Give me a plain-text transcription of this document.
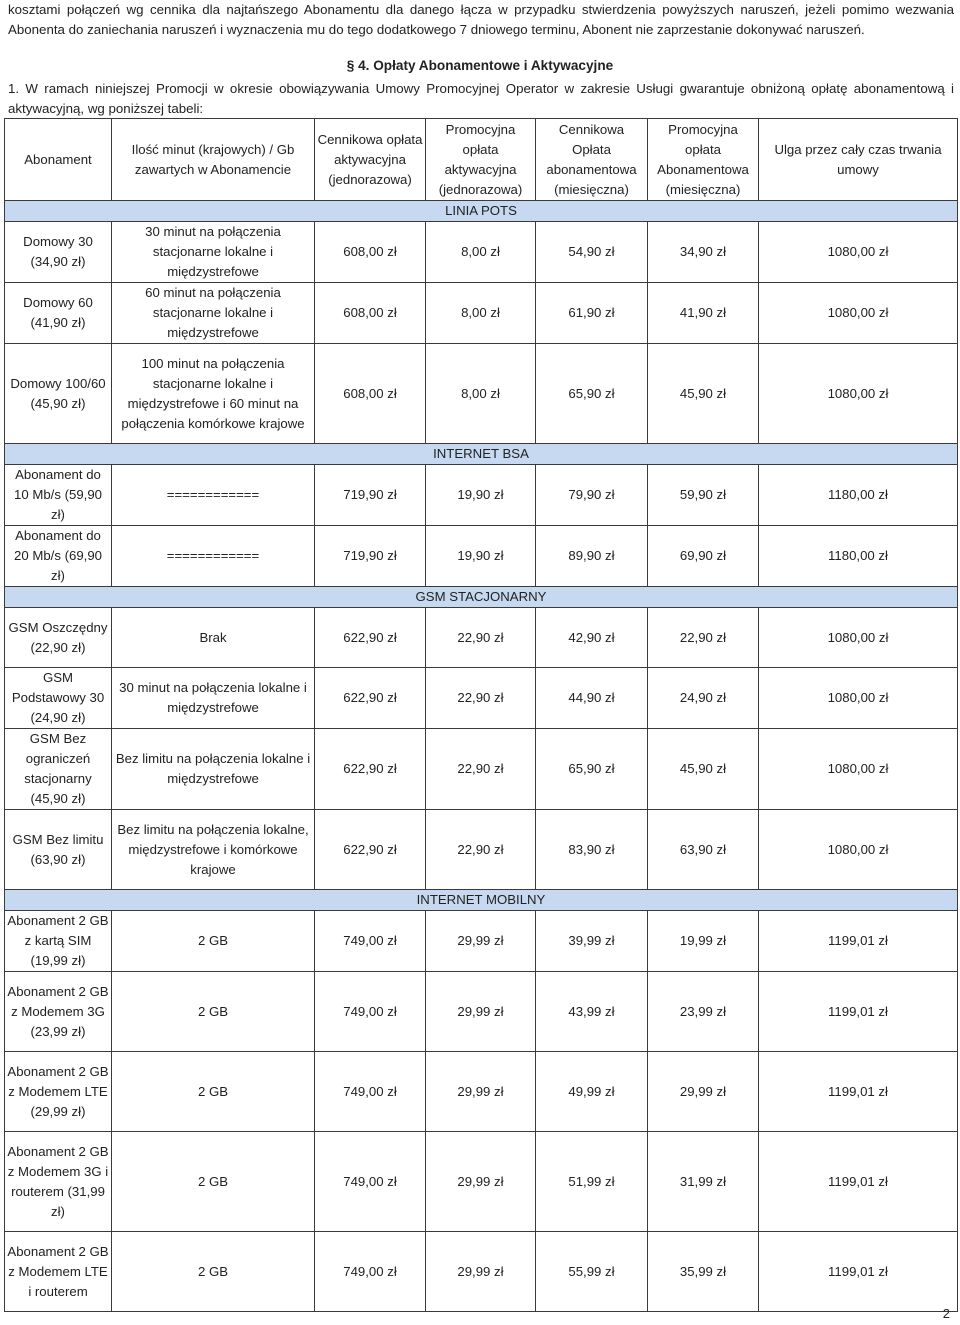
kosztami połączeń wg cennika dla najtańszego Abonamentu dla danego łącza w przypadku stwierdzenia powyższych naruszeń, jeżeli pomimo wezwania Abonenta do zaniechania naruszeń i wyznaczenia mu do tego dodatkowego 7 dniowego terminu, Abonent nie zaprzestanie dokonywać naruszeń.
§ 4. Opłaty Abonamentowe i Aktywacyjne
1. W ramach niniejszej Promocji w okresie obowiązywania Umowy Promocyjnej Operator w zakresie Usługi gwarantuje obniżoną opłatę abonamentową i aktywacyjną, wg poniższej tabeli:
Abonament	Ilość minut (krajowych) / Gb zawartych w Abonamencie	Cennikowa opłata aktywacyjna (jednorazowa)	Promocyjna opłata aktywacyjna (jednorazowa)	Cennikowa Opłata abonamentowa (miesięczna)	Promocyjna opłata Abonamentowa (miesięczna)	Ulga przez cały czas trwania umowy
LINIA POTS						
Domowy 30 (34,90 zł)	30 minut na połączenia stacjonarne lokalne i międzystrefowe	608,00 zł	8,00 zł	54,90 zł	34,90 zł	1080,00 zł
Domowy 60 (41,90 zł)	60 minut na połączenia stacjonarne lokalne i międzystrefowe	608,00 zł	8,00 zł	61,90 zł	41,90 zł	1080,00 zł
Domowy 100/60 (45,90 zł)	100 minut na połączenia stacjonarne lokalne i międzystrefowe i 60 minut na połączenia komórkowe krajowe	608,00 zł	8,00 zł	65,90 zł	45,90 zł	1080,00 zł
INTERNET BSA						
Abonament do 10 Mb/s (59,90 zł)	============	719,90 zł	19,90 zł	79,90 zł	59,90 zł	1180,00 zł
Abonament do 20 Mb/s (69,90 zł)	============	719,90 zł	19,90 zł	89,90 zł	69,90 zł	1180,00 zł
GSM STACJONARNY						
GSM Oszczędny (22,90 zł)	Brak	622,90 zł	22,90 zł	42,90 zł	22,90 zł	1080,00 zł
GSM Podstawowy 30 (24,90 zł)	30 minut na połączenia lokalne i międzystrefowe	622,90 zł	22,90 zł	44,90 zł	24,90 zł	1080,00 zł
GSM Bez ograniczeń stacjonarny (45,90 zł)	Bez limitu na połączenia lokalne i międzystrefowe	622,90 zł	22,90 zł	65,90 zł	45,90 zł	1080,00 zł
GSM Bez limitu (63,90 zł)	Bez limitu na połączenia lokalne, międzystrefowe i komórkowe krajowe	622,90 zł	22,90 zł	83,90 zł	63,90 zł	1080,00 zł
INTERNET MOBILNY						
Abonament 2 GB z kartą SIM (19,99 zł)	2 GB	749,00 zł	29,99 zł	39,99 zł	19,99 zł	1199,01 zł
Abonament 2 GB z Modemem 3G (23,99 zł)	2 GB	749,00 zł	29,99 zł	43,99 zł	23,99 zł	1199,01 zł
Abonament 2 GB z Modemem LTE (29,99 zł)	2 GB	749,00 zł	29,99 zł	49,99 zł	29,99 zł	1199,01 zł
Abonament 2 GB z Modemem 3G i routerem (31,99 zł)	2 GB	749,00 zł	29,99 zł	51,99 zł	31,99 zł	1199,01 zł
Abonament 2 GB z Modemem LTE i routerem	2 GB	749,00 zł	29,99 zł	55,99 zł	35,99 zł	1199,01 zł
2
